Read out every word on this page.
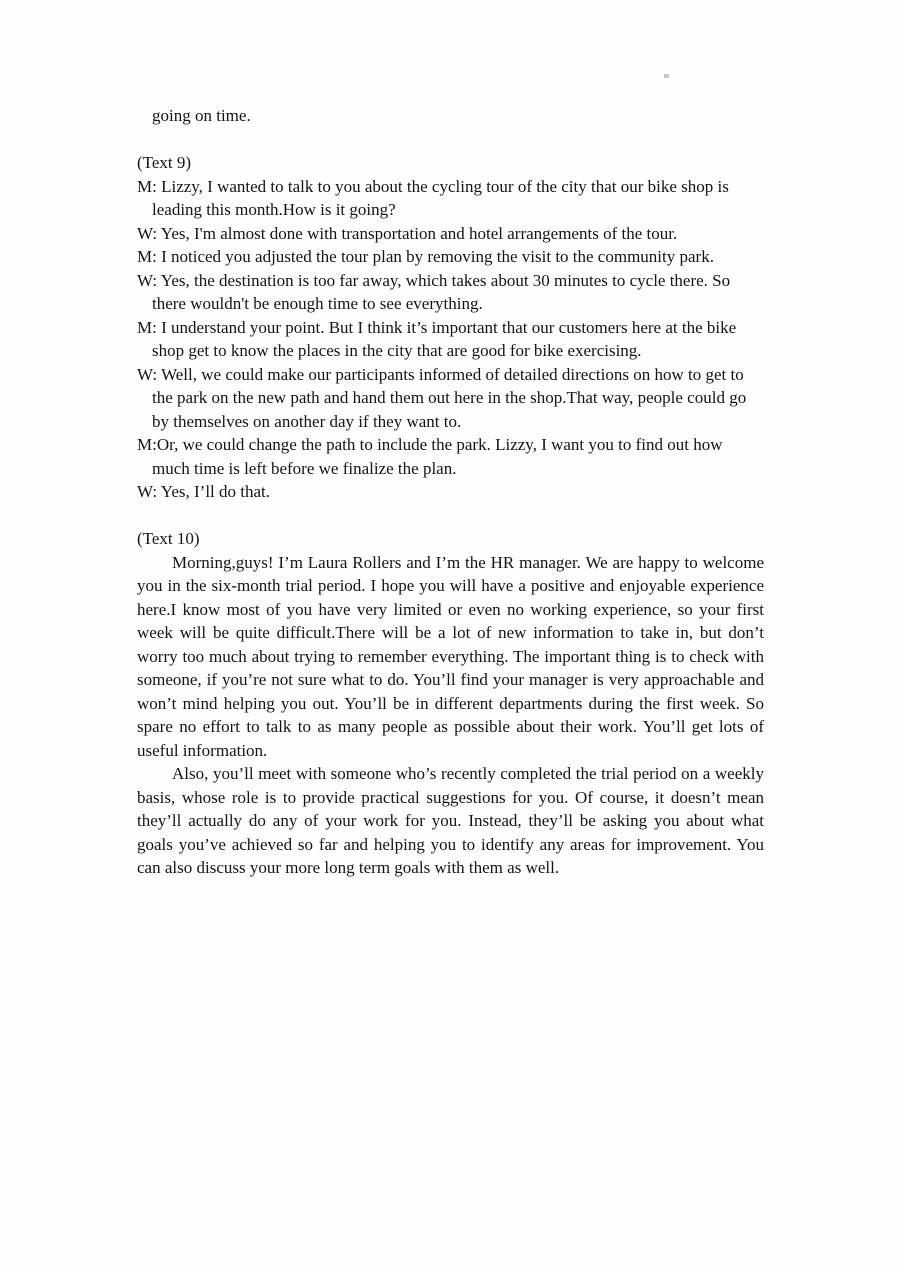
going on time.
(Text 9)
M: Lizzy, I wanted to talk to you about the cycling tour of the city that our bike shop is leading this month.How is it going?
W: Yes, I'm almost done with transportation and hotel arrangements of the tour.
M: I noticed you adjusted the tour plan by removing the visit to the community park.
W: Yes, the destination is too far away, which takes about 30 minutes to cycle there. So there wouldn't be enough time to see everything.
M: I understand your point. But I think it’s important that our customers here at the bike shop get to know the places in the city that are good for bike exercising.
W: Well, we could make our participants informed of detailed directions on how to get to the park on the new path and hand them out here in the shop.That way, people could go by themselves on another day if they want to.
M:Or, we could change the path to include the park. Lizzy, I want you to find out how much time is left before we finalize the plan.
W: Yes, I’ll do that.
(Text 10)

Morning,guys! I’m Laura Rollers and I’m the HR manager. We are happy to welcome you in the six-month trial period. I hope you will have a positive and enjoyable experience here.I know most of you have very limited or even no working experience, so your first week will be quite difficult.There will be a lot of new information to take in, but don’t worry too much about trying to remember everything. The important thing is to check with someone, if you’re not sure what to do. You’ll find your manager is very approachable and won’t mind helping you out. You’ll be in different departments during the first week. So spare no effort to talk to as many people as possible about their work. You’ll get lots of useful information.

Also, you’ll meet with someone who’s recently completed the trial period on a weekly basis, whose role is to provide practical suggestions for you. Of course, it doesn’t mean they’ll actually do any of your work for you. Instead, they’ll be asking you about what goals you’ve achieved so far and helping you to identify any areas for improvement. You can also discuss your more long term goals with them as well.
